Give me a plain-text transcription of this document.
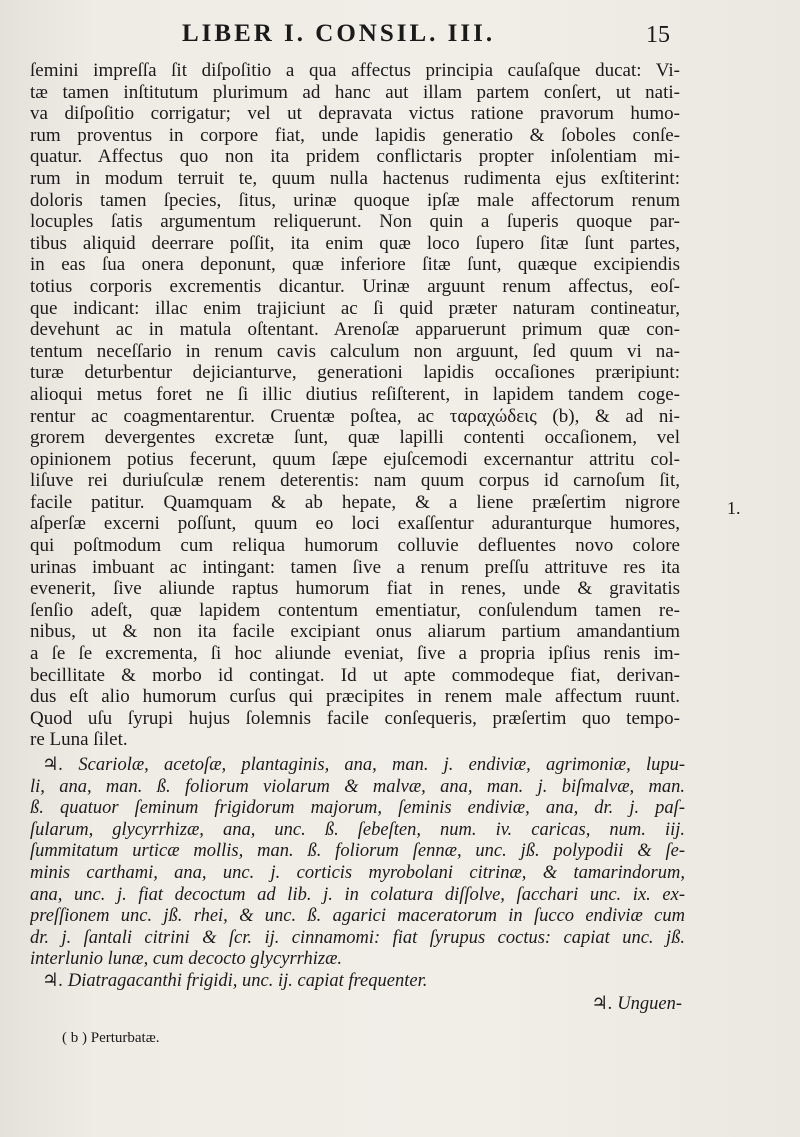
LIBER I. CONSIL. III.	15
ſemini impreſſa ſit diſpoſitio a qua affectus principia cauſaſque ducat: Vi-
tæ tamen inſtitutum plurimum ad hanc aut illam partem conſert, ut nati-
va diſpoſitio corrigatur; vel ut depravata victus ratione pravorum humo-
rum proventus in corpore fiat, unde lapidis generatio & ſoboles conſe-
quatur. Affectus quo non ita pridem conflictaris propter inſolentiam mi-
rum in modum terruit te, quum nulla hactenus rudimenta ejus exſtiterint:
doloris tamen ſpecies, ſitus, urinæ quoque ipſæ male affectorum renum
locuples ſatis argumentum reliquerunt. Non quin a ſuperis quoque par-
tibus aliquid deerrare poſſit, ita enim quæ loco ſupero ſitæ ſunt partes,
in eas ſua onera deponunt, quæ inferiore ſitæ ſunt, quæque excipiendis
totius corporis excrementis dicantur. Urinæ arguunt renum affectus, eoſ-
que indicant: illac enim trajiciunt ac ſi quid præter naturam contineatur,
devehunt ac in matula oſtentant. Arenoſæ apparuerunt primum quæ con-
tentum neceſſario in renum cavis calculum non arguunt, ſed quum vi na-
turæ deturbentur dejicianturve, generationi lapidis occaſiones præripiunt:
alioqui metus foret ne ſi illic diutius reſiſterent, in lapidem tandem coge-
rentur ac coagmentarentur. Cruentæ poſtea, ac ταραχώδεις (b), & ad ni-
grorem devergentes excretæ ſunt, quæ lapilli contenti occaſionem, vel
opinionem potius fecerunt, quum ſæpe ejuſcemodi excernantur attritu col-
liſuve rei duriuſculæ renem deterentis: nam quum corpus id carnoſum ſit,
facile patitur. Quamquam & ab hepate, & a liene præſertim nigrore
aſperſæ excerni poſſunt, quum eo loci exaſſentur aduranturque humores,
qui poſtmodum cum reliqua humorum colluvie defluentes novo colore
urinas imbuant ac intingant: tamen ſive a renum preſſu attrituve res ita
evenerit, ſive aliunde raptus humorum fiat in renes, unde & gravitatis
ſenſio adeſt, quæ lapidem contentum ementiatur, conſulendum tamen re-
nibus, ut & non ita facile excipiant onus aliarum partium amandantium
a ſe ſe excrementa, ſi hoc aliunde eveniat, ſive a propria ipſius renis im-
becillitate & morbo id contingat. Id ut apte commodeque fiat, derivan-
dus eſt alio humorum curſus qui præcipites in renem male affectum ruunt.
Quod uſu ſyrupi hujus ſolemnis facile conſequeris, præſertim quo tempo-
re Luna ſilet.
♃. Scariolæ, acetoſæ, plantaginis, ana, man. j. endiviæ, agrimoniæ, lupu-
li, ana, man. ß. foliorum violarum & malvæ, ana, man. j. biſmalvæ, man.
ß. quatuor ſeminum frigidorum majorum, ſeminis endiviæ, ana, dr. j. paſ-
ſularum, glycyrrhizæ, ana, unc. ß. ſebeſten, num. iv. caricas, num. iij.
ſummitatum urticæ mollis, man. ß. foliorum ſennæ, unc. jß. polypodii & ſe-
minis carthami, ana, unc. j. corticis myrobolani citrinæ, & tamarindorum,
ana, unc. j. fiat decoctum ad lib. j. in colatura diſſolve, ſacchari unc. ix. ex-
preſſionem unc. jß. rhei, & unc. ß. agarici maceratorum in ſucco endiviæ cum
dr. j. ſantali citrini & ſcr. ij. cinnamomi: fiat ſyrupus coctus: capiat unc. jß.
interlunio lunæ, cum decocto glycyrrhizæ.
♃. Diatragacanthi frigidi, unc. ij. capiat frequenter.
♃. Unguen-
1.
( b ) Perturbatæ.
